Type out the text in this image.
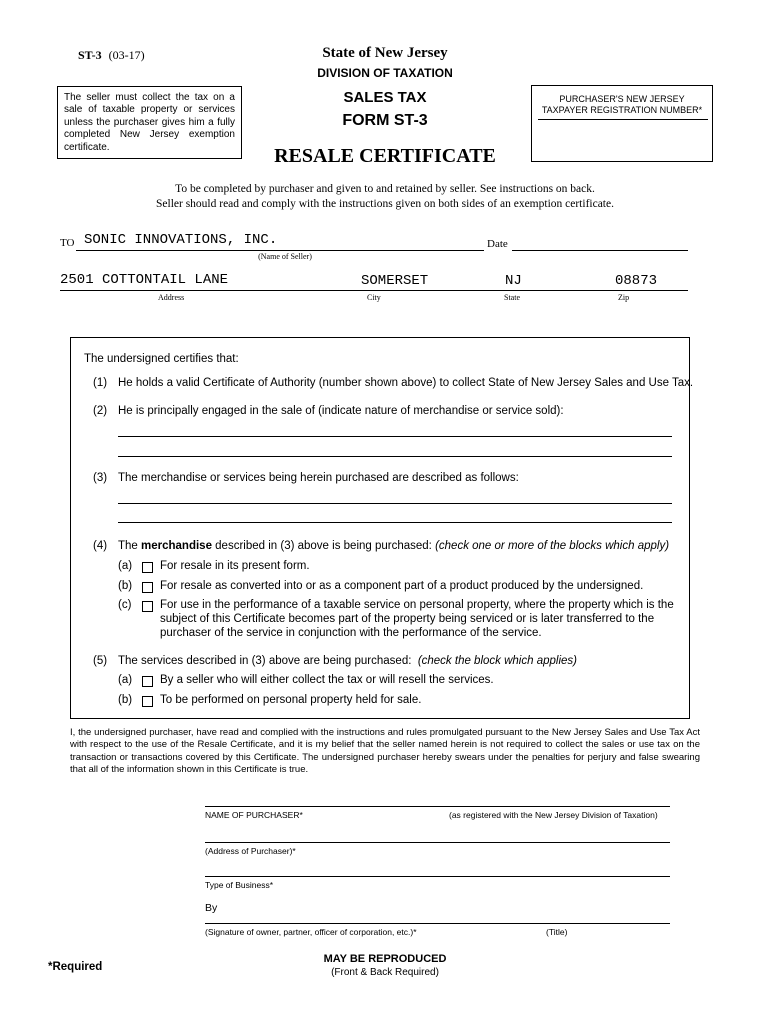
ST-3 (03-17)	State of New Jersey
DIVISION OF TAXATION
The seller must collect the tax on a sale of taxable property or services unless the purchaser gives him a fully completed New Jersey exemption certificate.
SALES TAX
FORM ST-3
RESALE CERTIFICATE
PURCHASER'S NEW JERSEY
TAXPAYER REGISTRATION NUMBER*
To be completed by purchaser and given to and retained by seller. See instructions on back.
Seller should read and comply with the instructions given on both sides of an exemption certificate.
TO SONIC INNOVATIONS, INC.
(Name of Seller)
Date
2501 COTTONTAIL LANE	SOMERSET	NJ	08873
Address	City	State	Zip
The undersigned certifies that:
(1) He holds a valid Certificate of Authority (number shown above) to collect State of New Jersey Sales and Use Tax.
(2) He is principally engaged in the sale of (indicate nature of merchandise or service sold):
(3) The merchandise or services being herein purchased are described as follows:
(4) The merchandise described in (3) above is being purchased: (check one or more of the blocks which apply)
(a) For resale in its present form.
(b) For resale as converted into or as a component part of a product produced by the undersigned.
(c) For use in the performance of a taxable service on personal property, where the property which is the
subject of this Certificate becomes part of the property being serviced or is later transferred to the
purchaser of the service in conjunction with the performance of the service.
(5) The services described in (3) above are being purchased:  (check the block which applies)
(a) By a seller who will either collect the tax or will resell the services.
(b) To be performed on personal property held for sale.
I, the undersigned purchaser, have read and complied with the instructions and rules promulgated pursuant to the New Jersey Sales and Use Tax Act with respect to the use of the Resale Certificate, and it is my belief that the seller named herein is not required to collect the sales or use tax on the transaction or transactions covered by this Certificate. The undersigned purchaser hereby swears under the penalties for perjury and false swearing that all of the information shown in this Certificate is true.
NAME OF PURCHASER*	(as registered with the New Jersey Division of Taxation)
(Address of Purchaser)*
Type of Business*
By
(Signature of owner, partner, officer of corporation, etc.)*	(Title)
*Required
MAY BE REPRODUCED
(Front & Back Required)
